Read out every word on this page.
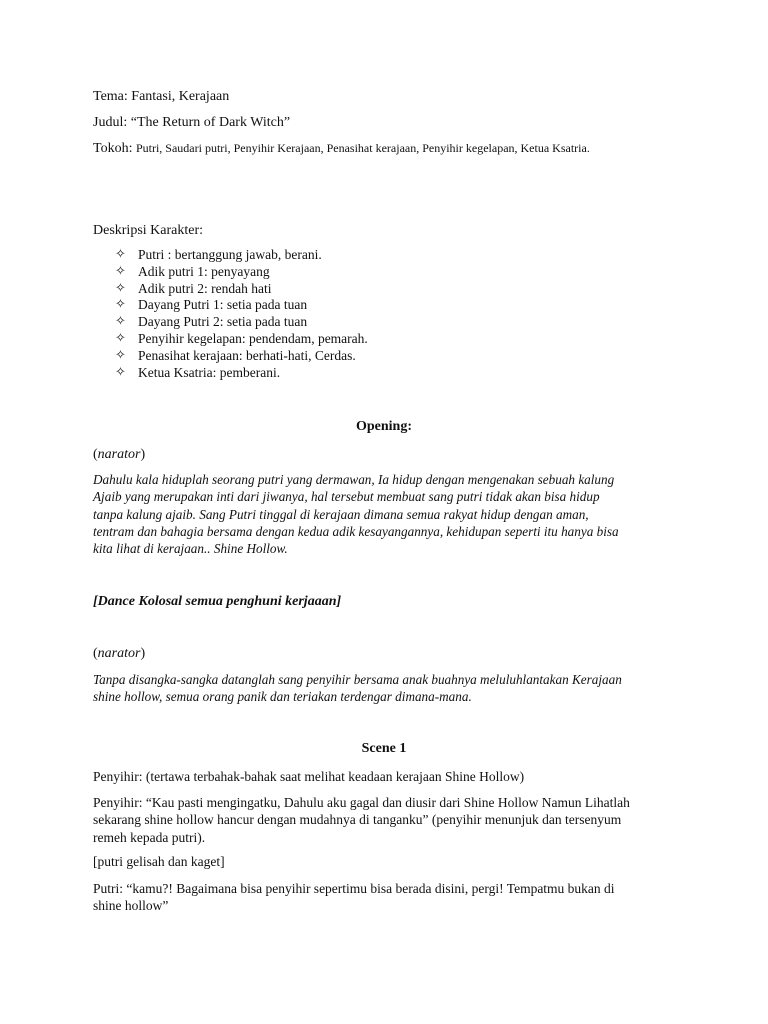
Tema: Fantasi, Kerajaan
Judul: “The Return of Dark Witch”
Tokoh: Putri, Saudari putri, Penyihir Kerajaan, Penasihat kerajaan, Penyihir kegelapan, Ketua Ksatria.
Deskripsi Karakter:
✧ Putri : bertanggung jawab, berani.
✧ Adik putri 1: penyayang
✧ Adik putri 2: rendah hati
✧ Dayang Putri 1: setia pada tuan
✧ Dayang Putri 2: setia pada tuan
✧ Penyihir kegelapan: pendendam, pemarah.
✧ Penasihat kerajaan: berhati-hati, Cerdas.
✧ Ketua Ksatria: pemberani.
Opening:
(narator)
Dahulu kala hiduplah seorang putri yang dermawan, Ia hidup dengan mengenakan sebuah kalung
Ajaib yang merupakan inti dari jiwanya, hal tersebut membuat sang putri tidak akan bisa hidup
tanpa kalung ajaib. Sang Putri tinggal di kerajaan dimana semua rakyat hidup dengan aman,
tentram dan bahagia bersama dengan kedua adik kesayangannya, kehidupan seperti itu hanya bisa
kita lihat di kerajaan.. Shine Hollow.
[Dance Kolosal semua penghuni kerjaaan]
(narator)
Tanpa disangka-sangka datanglah sang penyihir bersama anak buahnya meluluhlantakan Kerajaan
shine hollow, semua orang panik dan teriakan terdengar dimana-mana.
Scene 1
Penyihir: (tertawa terbahak-bahak saat melihat keadaan kerajaan Shine Hollow)
Penyihir: “Kau pasti mengingatku, Dahulu aku gagal dan diusir dari Shine Hollow Namun Lihatlah
sekarang shine hollow hancur dengan mudahnya di tanganku” (penyihir menunjuk dan tersenyum
remeh kepada putri).
[putri gelisah dan kaget]
Putri: “kamu?! Bagaimana bisa penyihir sepertimu bisa berada disini, pergi! Tempatmu bukan di
shine hollow”
